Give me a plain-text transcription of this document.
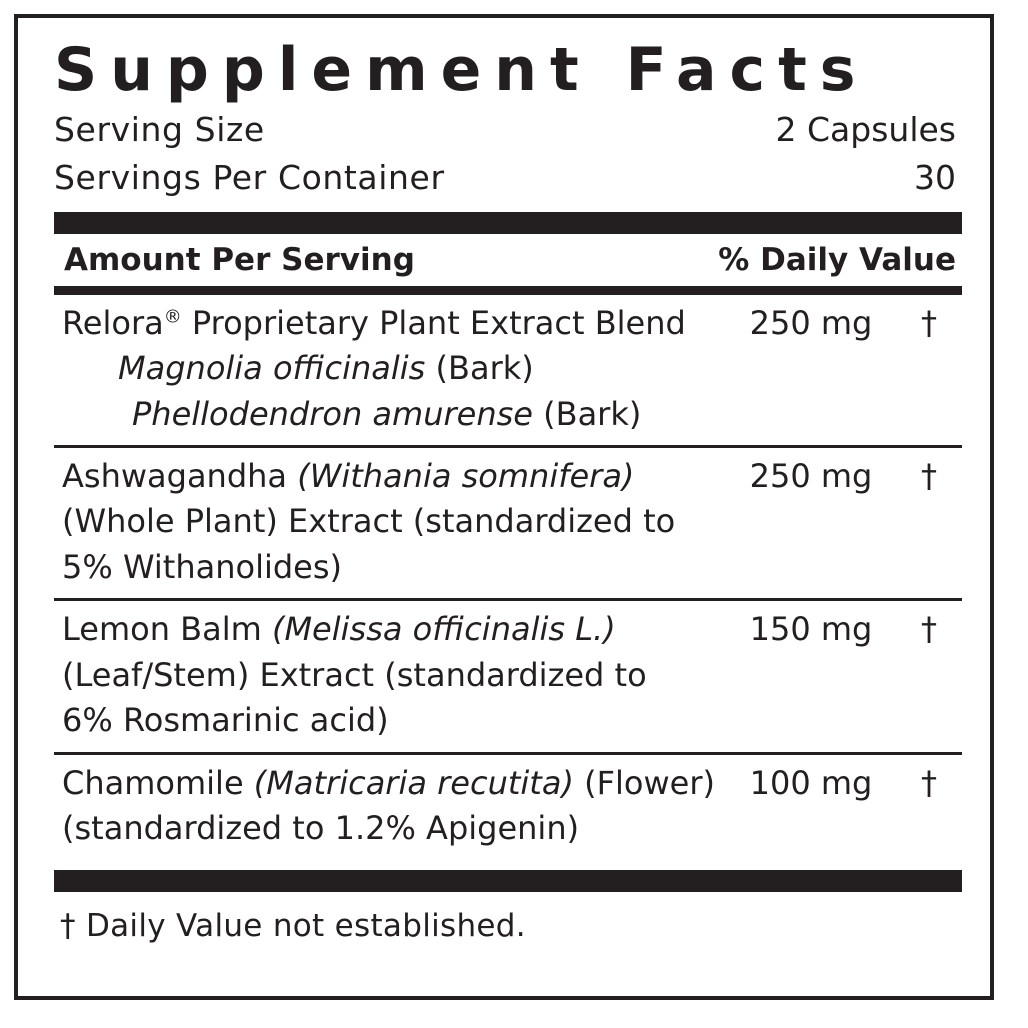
Supplement Facts
Serving Size	2 Capsules
Servings Per Container	30
Amount Per Serving	% Daily Value
Relora® Proprietary Plant Extract Blend	250 mg	†
Magnolia officinalis (Bark)
Phellodendron amurense (Bark)
Ashwagandha (Withania somnifera)
(Whole Plant) Extract (standardized to
5% Withanolides)
250 mg	†
Lemon Balm (Melissa officinalis L.)
(Leaf/Stem) Extract (standardized to
6% Rosmarinic acid)
150 mg	†
Chamomile (Matricaria recutita) (Flower)
(standardized to 1.2% Apigenin)
100 mg	†
† Daily Value not established.
